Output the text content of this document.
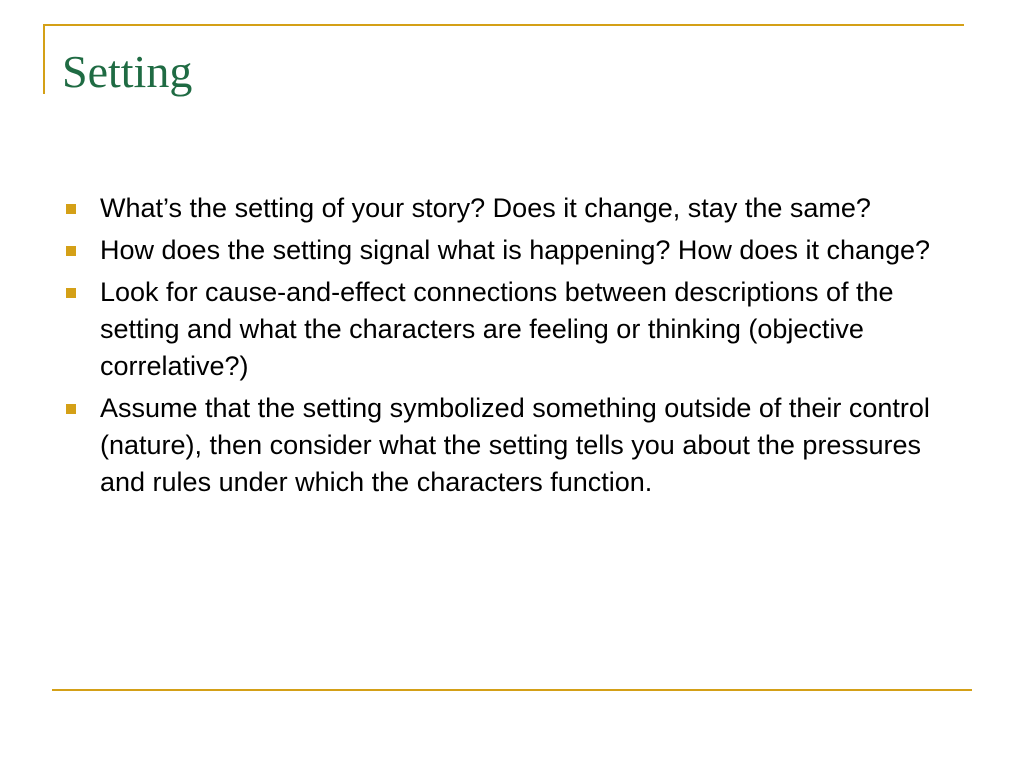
Setting
What’s the setting of your story? Does it change, stay the same?
How does the setting signal what is happening? How does it change?
Look for cause-and-effect connections between descriptions of the setting and what the characters are feeling or thinking (objective correlative?)
Assume that the setting symbolized something outside of their control (nature), then consider what the setting tells you about the pressures and rules under which the characters function.
